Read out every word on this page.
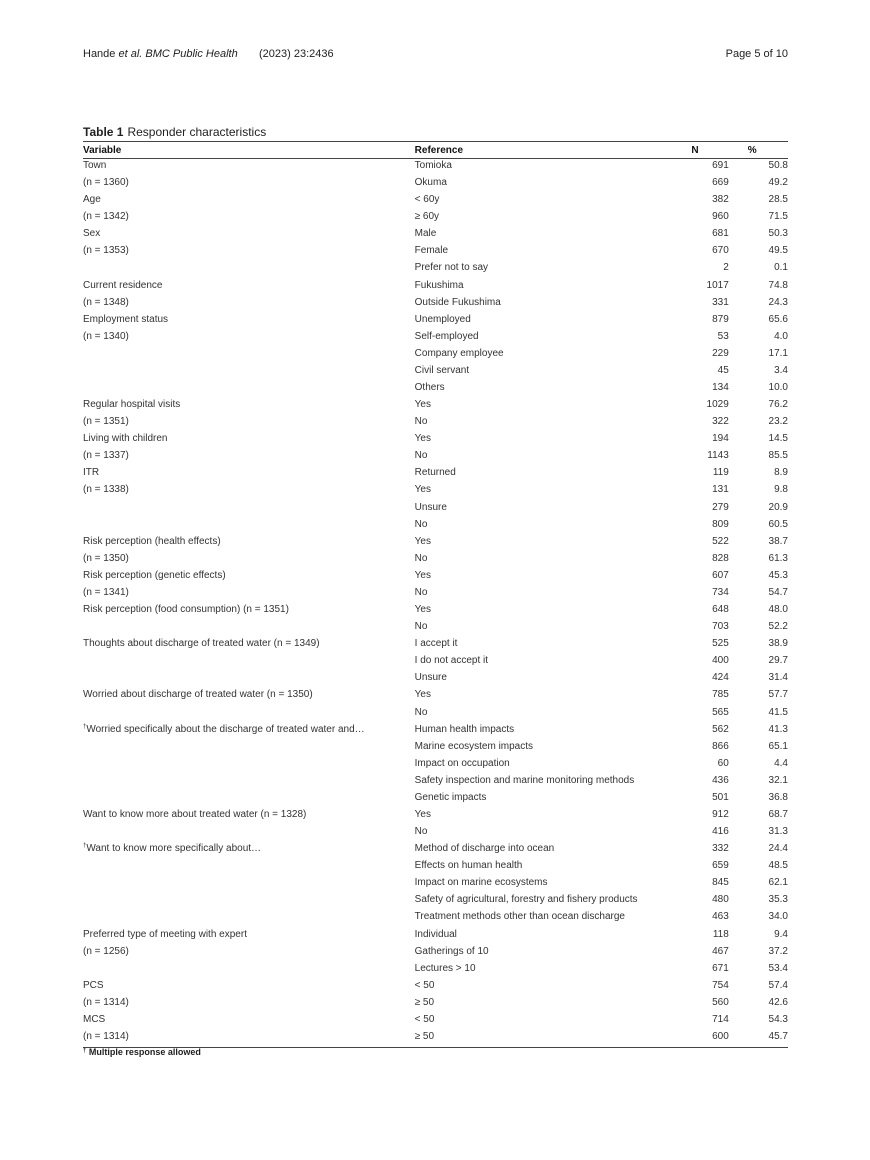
Hande et al. BMC Public Health (2023) 23:2436	Page 5 of 10
Table 1 Responder characteristics
Variable	Reference	N	%
Town	Tomioka	691	50.8
(n = 1360)	Okuma	669	49.2
Age	< 60y	382	28.5
(n = 1342)	≥ 60y	960	71.5
Sex	Male	681	50.3
(n = 1353)	Female	670	49.5
	Prefer not to say	2	0.1
Current residence	Fukushima	1017	74.8
(n = 1348)	Outside Fukushima	331	24.3
Employment status	Unemployed	879	65.6
(n = 1340)	Self-employed	53	4.0
	Company employee	229	17.1
	Civil servant	45	3.4
	Others	134	10.0
Regular hospital visits	Yes	1029	76.2
(n = 1351)	No	322	23.2
Living with children	Yes	194	14.5
(n = 1337)	No	1143	85.5
ITR	Returned	119	8.9
(n = 1338)	Yes	131	9.8
	Unsure	279	20.9
	No	809	60.5
Risk perception (health effects)	Yes	522	38.7
(n = 1350)	No	828	61.3
Risk perception (genetic effects)	Yes	607	45.3
(n = 1341)	No	734	54.7
Risk perception (food consumption) (n = 1351)	Yes	648	48.0
	No	703	52.2
Thoughts about discharge of treated water (n = 1349)	I accept it	525	38.9
	I do not accept it	400	29.7
	Unsure	424	31.4
Worried about discharge of treated water (n = 1350)	Yes	785	57.7
	No	565	41.5
†Worried specifically about the discharge of treated water and…	Human health impacts	562	41.3
	Marine ecosystem impacts	866	65.1
	Impact on occupation	60	4.4
	Safety inspection and marine monitoring methods	436	32.1
	Genetic impacts	501	36.8
Want to know more about treated water (n = 1328)	Yes	912	68.7
	No	416	31.3
†Want to know more specifically about…	Method of discharge into ocean	332	24.4
	Effects on human health	659	48.5
	Impact on marine ecosystems	845	62.1
	Safety of agricultural, forestry and fishery products	480	35.3
	Treatment methods other than ocean discharge	463	34.0
Preferred type of meeting with expert	Individual	118	9.4
(n = 1256)	Gatherings of 10	467	37.2
	Lectures > 10	671	53.4
PCS	< 50	754	57.4
(n = 1314)	≥ 50	560	42.6
MCS	< 50	714	54.3
(n = 1314)	≥ 50	600	45.7
† Multiple response allowed
